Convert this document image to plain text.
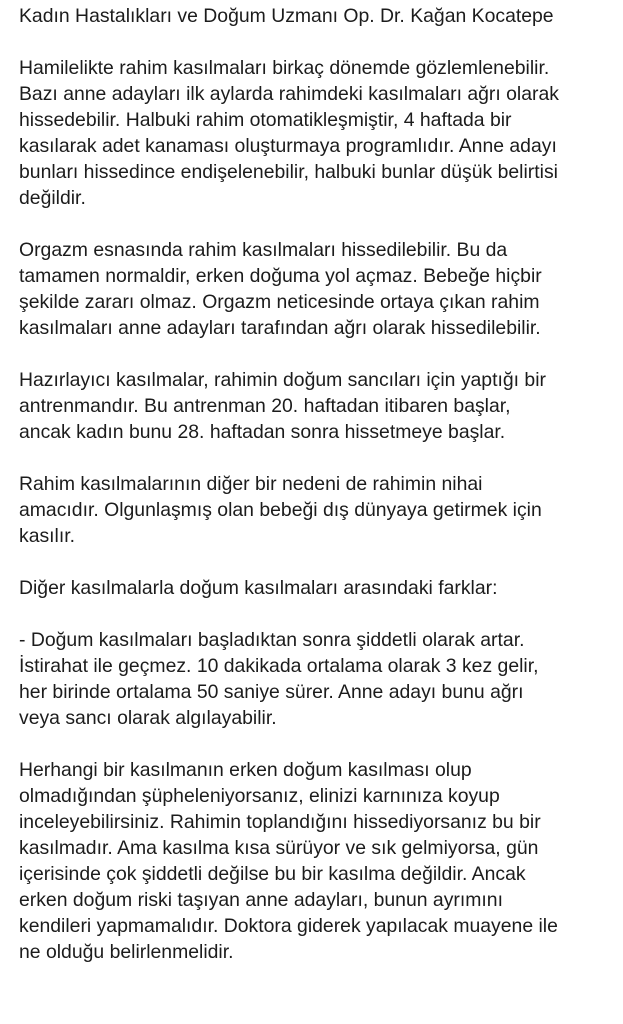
Kadın Hastalıkları ve Doğum Uzmanı Op. Dr. Kağan Kocatepe
Hamilelikte rahim kasılmaları birkaç dönemde gözlemlenebilir.
Bazı anne adayları ilk aylarda rahimdeki kasılmaları ağrı olarak
hissedebilir. Halbuki rahim otomatikleşmiştir, 4 haftada bir
kasılarak adet kanaması oluşturmaya programlıdır. Anne adayı
bunları hissedince endişelenebilir, halbuki bunlar düşük belirtisi
değildir.
Orgazm esnasında rahim kasılmaları hissedilebilir. Bu da
tamamen normaldir, erken doğuma yol açmaz. Bebeğe hiçbir
şekilde zararı olmaz. Orgazm neticesinde ortaya çıkan rahim
kasılmaları anne adayları tarafından ağrı olarak hissedilebilir.
Hazırlayıcı kasılmalar, rahimin doğum sancıları için yaptığı bir
antrenmandır. Bu antrenman 20. haftadan itibaren başlar,
ancak kadın bunu 28. haftadan sonra hissetmeye başlar.
Rahim kasılmalarının diğer bir nedeni de rahimin nihai
amacıdır. Olgunlaşmış olan bebeği dış dünyaya getirmek için
kasılır.
Diğer kasılmalarla doğum kasılmaları arasındaki farklar:
- Doğum kasılmaları başladıktan sonra şiddetli olarak artar.
İstirahat ile geçmez. 10 dakikada ortalama olarak 3 kez gelir,
her birinde ortalama 50 saniye sürer. Anne adayı bunu ağrı
veya sancı olarak algılayabilir.
Herhangi bir kasılmanın erken doğum kasılması olup
olmadığından şüpheleniyorsanız, elinizi karnınıza koyup
inceleyebilirsiniz. Rahimin toplandığını hissediyorsanız bu bir
kasılmadır. Ama kasılma kısa sürüyor ve sık gelmiyorsa, gün
içerisinde çok şiddetli değilse bu bir kasılma değildir. Ancak
erken doğum riski taşıyan anne adayları, bunun ayrımını
kendileri yapmamalıdır. Doktora giderek yapılacak muayene ile
ne olduğu belirlenmelidir.
